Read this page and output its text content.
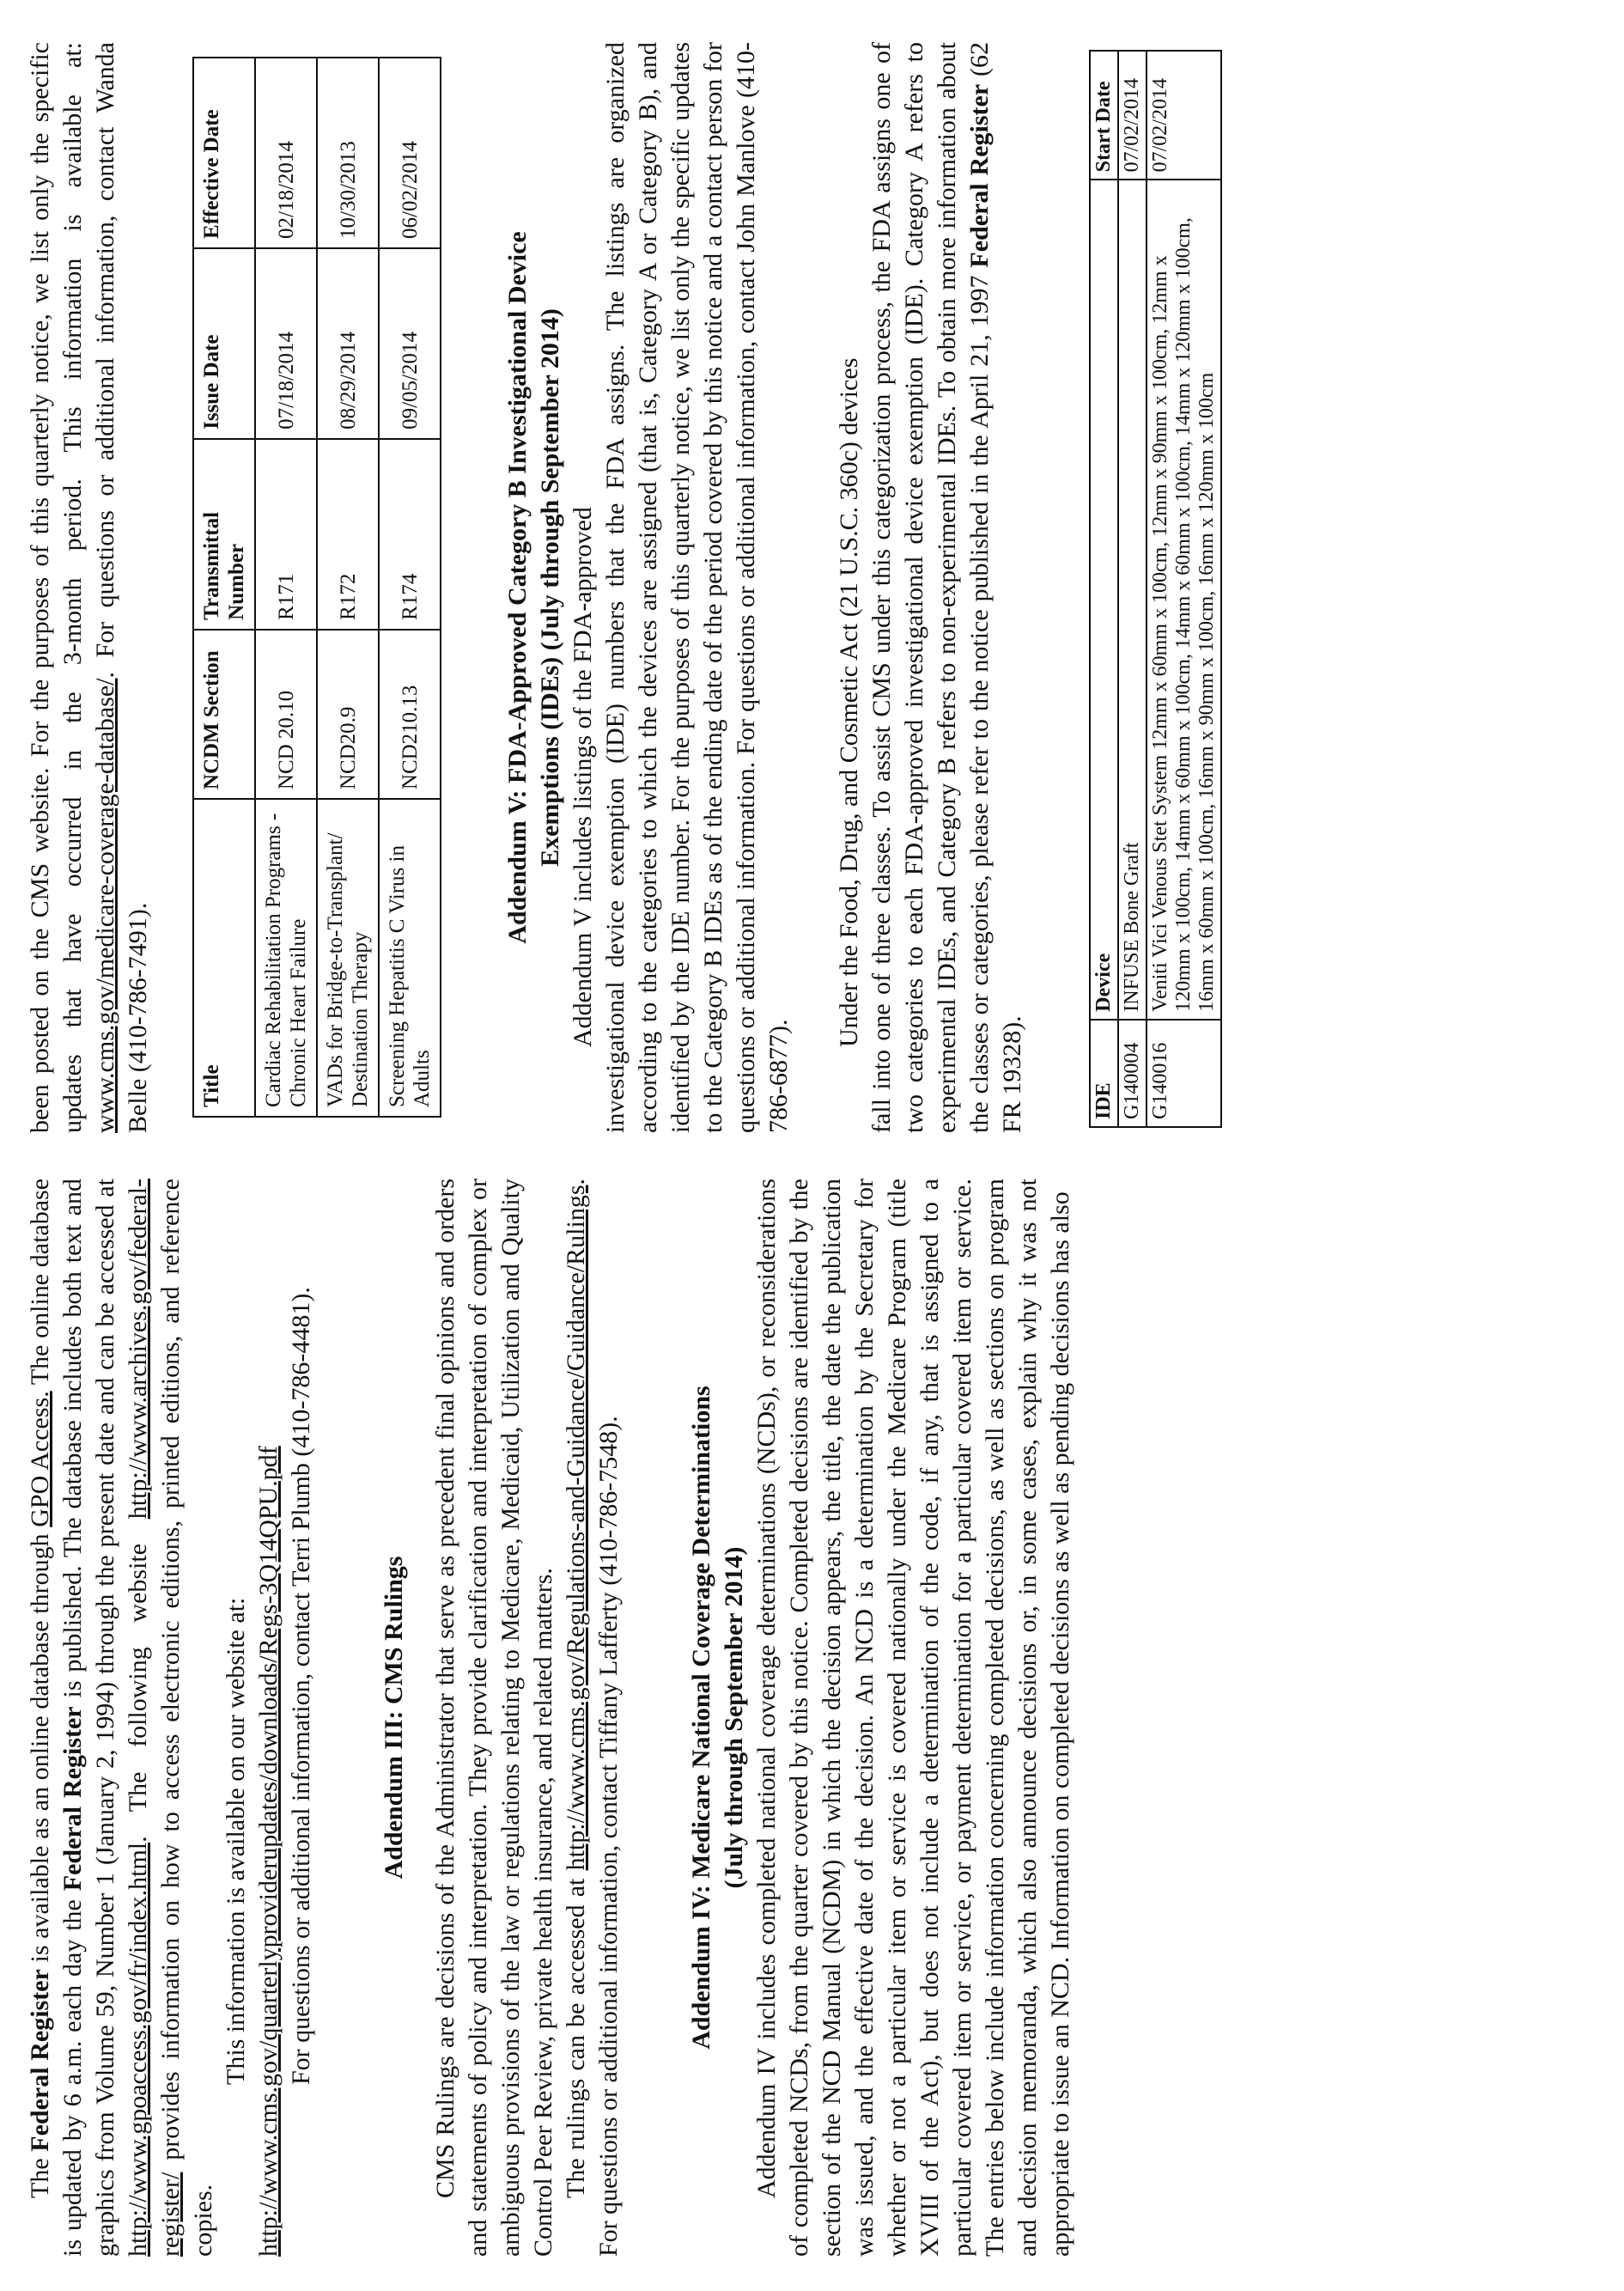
The Federal Register is available as an online database through GPO Access. The online database is updated by 6 a.m. each day the Federal Register is published. The database includes both text and graphics from Volume 59, Number 1 (January 2, 1994) through the present date and can be accessed at http://www.gpoaccess.gov/fr/index.html. The following website http://www.archives.gov/federal-register/ provides information on how to access electronic editions, printed editions, and reference copies.

This information is available on our website at: http://www.cms.gov/quarterlyproviderupdates/downloads/Regs-3Q14QPU.pdf For questions or additional information, contact Terri Plumb (410-786-4481).	Addendum III: CMS Rulings CMS Rulings are decisions of the Administrator that serve as precedent final opinions and orders and statements of policy and interpretation. They provide clarification and interpretation of complex or ambiguous provisions of the law or regulations relating to Medicare, Medicaid, Utilization and Quality Control Peer Review, private health insurance, and related matters. The rulings can be accessed at http://www.cms.gov/Regulations-and-Guidance/Guidance/Rulings. For questions or additional information, contact Tiffany Lafferty (410-786-7548).	Addendum IV: Medicare National Coverage Determinations (July through September 2014) Addendum IV includes completed national coverage determinations (NCDs), or reconsiderations of completed NCDs, from the quarter covered by this notice. Completed decisions are identified by the section of the NCD Manual (NCDM) in which the decision appears, the title, the date the publication was issued, and the effective date of the decision. An NCD is a determination by the Secretary for whether or not a particular item or service is covered nationally under the Medicare Program (title XVIII of the Act), but does not include a determination of the code, if any, that is assigned to a particular covered item or service, or payment determination for a particular covered item or service. The entries below include information concerning completed decisions, as well as sections on program and decision memoranda, which also announce decisions or, in some cases, explain why it was not appropriate to issue an NCD. Information on completed decisions as well as pending decisions has also

been posted on the CMS website. For the purposes of this quarterly notice, we list only the specific updates that have occurred in the 3-month period. This information is available at: www.cms.gov/medicare-coverage-database/. For questions or additional information, contact Wanda Belle (410-786-7491). Title	NCDM Section	Transmittal Number	Issue Date	Effective Date
Cardiac Rehabilitation Programs - Chronic Heart Failure	NCD 20.10	R171	07/18/2014	02/18/2014
VADs for Bridge-to-Transplant/ Destination Therapy	NCD20.9	R172	08/29/2014	10/30/2013
Screening Hepatitis C Virus in Adults	NCD210.13	R174	09/05/2014	06/02/2014

Addendum V: FDA-Approved Category B Investigational Device Exemptions (IDEs) (July through September 2014) Addendum V includes listings of the FDA-approved investigational device exemption (IDE) numbers that the FDA assigns. The listings are organized according to the categories to which the devices are assigned (that is, Category A or Category B), and identified by the IDE number. For the purposes of this quarterly notice, we list only the specific updates to the Category B IDEs as of the ending date of the period covered by this notice and a contact person for questions or additional information. For questions or additional information, contact John Manlove (410-786-6877).

Under the Food, Drug, and Cosmetic Act (21 U.S.C. 360c) devices fall into one of three classes. To assist CMS under this categorization process, the FDA assigns one of two categories to each FDA-approved investigational device exemption (IDE). Category A refers to experimental IDEs, and Category B refers to non-experimental IDEs. To obtain more information about the classes or categories, please refer to the notice published in the April 21, 1997 Federal Register (62 FR 19328).	IDE	Device	Start Date
G140004	INFUSE Bone Graft	07/02/2014
G140016	Veniti Vici Venous Stet System 12mm x 60mm x 100cm, 12mm x 90mm x 100cm, 12mm x 120mm x 100cm, 14mm x 60mm x 100cm, 14mm x 60mm x 100cm, 14mm x 120mm x 100cm, 16mm x 60mm x 100cm, 16mm x 90mm x 100cm, 16mm x 120mm x 100cm	07/02/2014
